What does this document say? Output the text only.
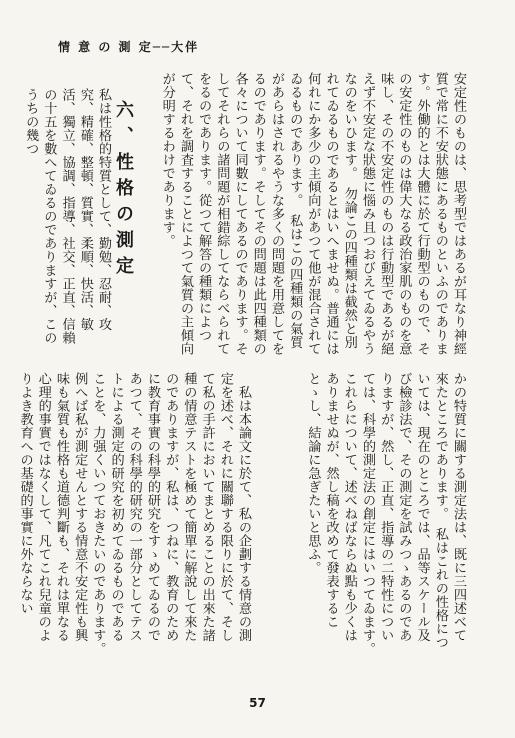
情 意 の 測 定──大伴
安定性のものは、思考型ではあるが耳なり神經質で常に不安狀態にあるものといふのであります。外働的とは大體に於て行動型のもので、その安定性のものは偉大なる政治家肌のものを意味し、その不安定性のものは行動型であるが絕えず不安定な狀態に惱み且つおびえてゐるやうなのをいひます。　勿論この四種類は截然と別れてゐるものであるとはいへませぬ。普通には何れにか多少の主傾向があつて他が混合されてゐるものであります。　私はこの四種類の氣質があらはされるやうな多くの問題を用意してをるのであります。そしてその問題は此四種類の各々について同數にしてあるのであります。そしてそれらの諸問題が相錯綜してならべられてをるのであります。從つて解答の種類によつて、それを調査することによつて氣質の主傾向が分明するわけであります。
かの特質に關する測定法は、既に三四述べて來たところであります。　私はこれの性格については、現在のところでは、品等スケール及び檢診法で、その測定を試みつゝあるのでありますが、然し、正直、指導の二特性については、科學的測定法の創定にはいつてゐます。　これらについて、述べねばならぬ點も少くはありませぬが、然し稿を改めて發表することゝし、結論に急ぎたいと思ふ。
六、性格の測定
私は性格的特質として、勤勉、忍耐、攻究、精確、整頓、質實、柔順、快活、敏活、獨立、協調、指導、社交、正直、信賴の十五を數へてゐるのでありますが、このうちの幾つ
　私は本論文に於て、私の企劃する情意の測定を述べ、それに關聯する限りに於て、そして私の手許においてまとめることの出來た諸種の情意テストを極めて簡單に解說して來たのでありますが、私は、つねに、教育のために教育事實の科學的研究をすゝめてゐるのであつて、その科學的研究の一部分としてテストによる測定的研究を初めてゐるものであることを、力强くいつておきたいのであります。　例へば私が測定せんとする情意不安定性も興味も氣質も性格も道德判斷も、それは單なる心理的事實ではなくして、凡てこれ兒童のよりよき教育への基礎的事實に外ならない
57
